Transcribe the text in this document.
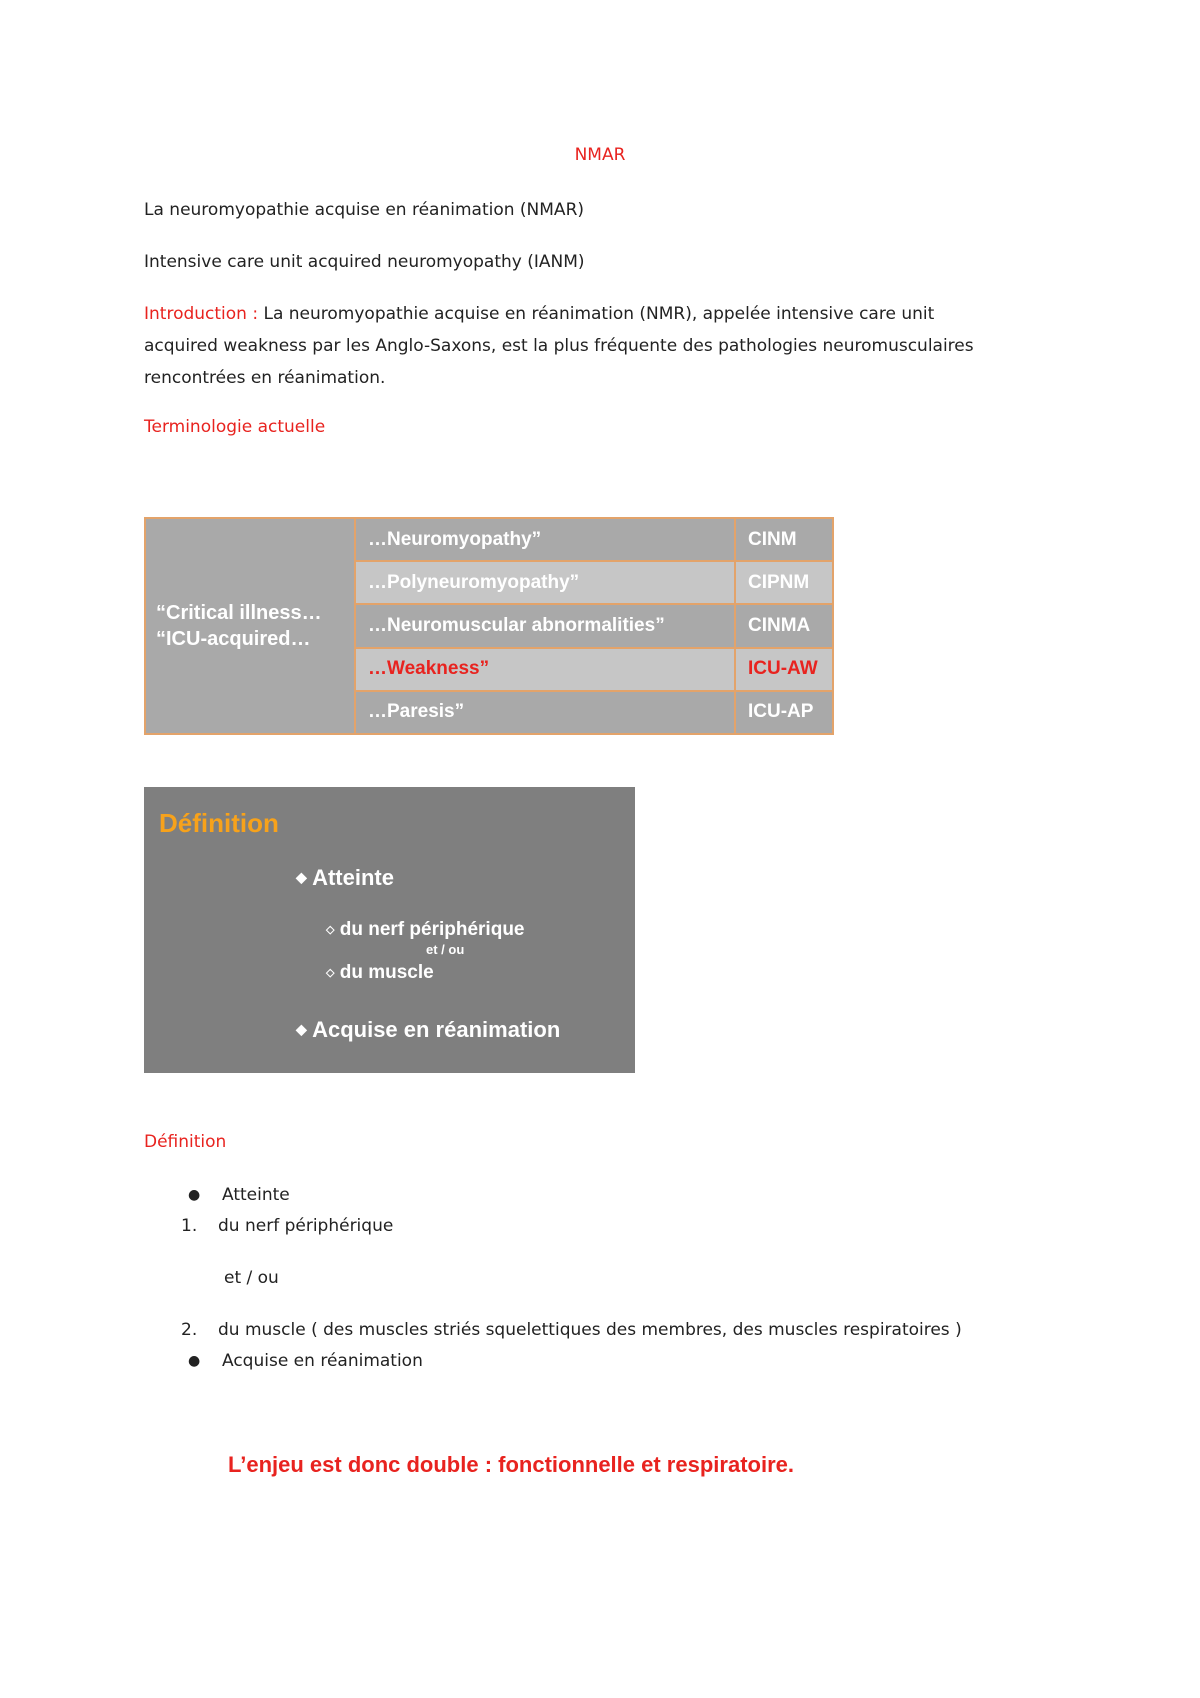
NMAR
La neuromyopathie acquise en réanimation (NMAR)
Intensive care unit acquired neuromyopathy (IANM)
Introduction : La neuromyopathie acquise en réanimation (NMR), appelée intensive care unit
acquired weakness par les Anglo-Saxons, est la plus fréquente des pathologies neuromusculaires
rencontrées en réanimation.
Terminologie actuelle
“Critical illness…
“ICU-acquired…
…Neuromyopathy”	CINM
…Polyneuromyopathy”	CIPNM
…Neuromuscular abnormalities”	CINMA
…Weakness”	ICU-AW
…Paresis”	ICU-AP
Définition
◆ Atteinte
◇ du nerf périphérique
et / ou
◇ du muscle
◆ Acquise en réanimation
Définition
● Atteinte
1. du nerf périphérique
et / ou
2. du muscle ( des muscles striés squelettiques des membres, des muscles respiratoires )
● Acquise en réanimation
L’enjeu est donc double : fonctionnelle et respiratoire.
